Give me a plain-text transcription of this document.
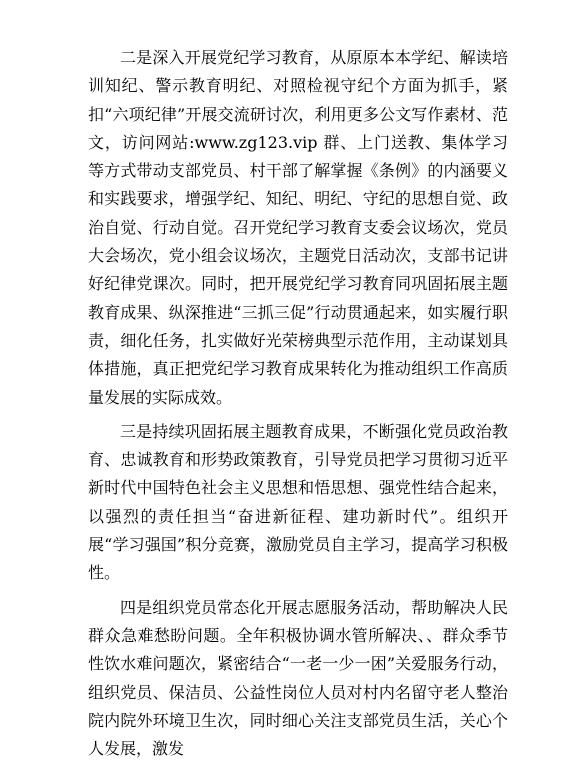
二是深入开展党纪学习教育，从原原本本学纪、解读培训知纪、警示教育明纪、对照检视守纪个方面为抓手，紧扣“六项纪律”开展交流研讨次，利用更多公文写作素材、范文，访问网站:www.zg123.vip 群、上门送教、集体学习等方式带动支部党员、村干部了解掌握《条例》的内涵要义和实践要求，增强学纪、知纪、明纪、守纪的思想自觉、政治自觉、行动自觉。召开党纪学习教育支委会议场次，党员大会场次，党小组会议场次，主题党日活动次，支部书记讲好纪律党课次。同时，把开展党纪学习教育同巩固拓展主题教育成果、纵深推进“三抓三促”行动贯通起来，如实履行职责，细化任务，扎实做好光荣榜典型示范作用，主动谋划具体措施，真正把党纪学习教育成果转化为推动组织工作高质量发展的实际成效。

三是持续巩固拓展主题教育成果，不断强化党员政治教育、忠诚教育和形势政策教育，引导党员把学习贯彻习近平新时代中国特色社会主义思想和悟思想、强党性结合起来，以强烈的责任担当“奋进新征程、建功新时代”。组织开展“学习强国”积分竞赛，激励党员自主学习，提高学习积极性。

四是组织党员常态化开展志愿服务活动，帮助解决人民群众急难愁盼问题。全年积极协调水管所解决、、群众季节性饮水难问题次，紧密结合“一老一少一困”关爱服务行动，组织党员、保洁员、公益性岗位人员对村内名留守老人整治院内院外环境卫生次，同时细心关注支部党员生活，关心个人发展，激发
